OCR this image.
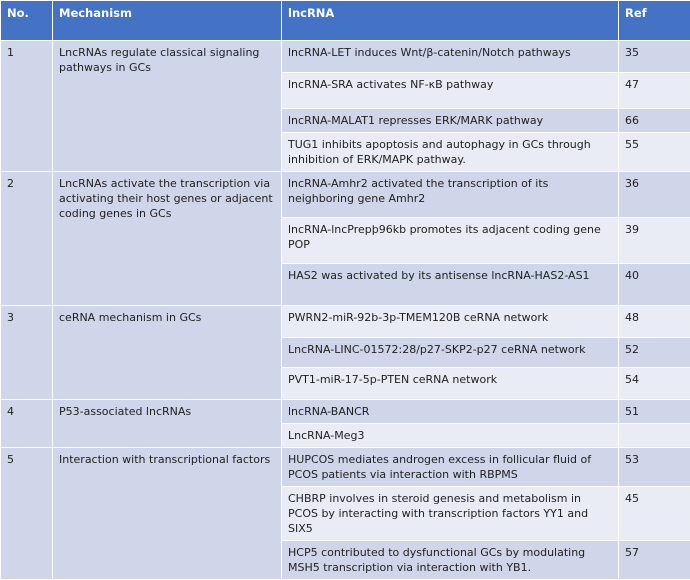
No.	Mechanism	lncRNA	Ref
1	LncRNAs regulate classical signaling pathways in GCs	lncRNA-LET induces Wnt/β-catenin/Notch pathways	35
		lncRNA-SRA activates NF-κB pathway	47
		lncRNA-MALAT1 represses ERK/MARK pathway	66
		TUG1 inhibits apoptosis and autophagy in GCs through inhibition of ERK/MAPK pathway.	55
2	LncRNAs activate the transcription via activating their host genes or adjacent coding genes in GCs	lncRNA-Amhr2 activated the transcription of its neighboring gene Amhr2	36
		lncRNA-lncPrepþ96kb promotes its adjacent coding gene POP	39
		HAS2 was activated by its antisense lncRNA-HAS2-AS1	40
3	ceRNA mechanism in GCs	PWRN2-miR-92b-3p-TMEM120B ceRNA network	48
		LncRNA-LINC-01572:28/p27-SKP2-p27 ceRNA network	52
		PVT1-miR-17-5p-PTEN ceRNA network	54
4	P53-associated lncRNAs	lncRNA-BANCR	51
		LncRNA-Meg3	
5	Interaction with transcriptional factors	HUPCOS mediates androgen excess in follicular fluid of PCOS patients via interaction with RBPMS	53
		CHBRP involves in steroid genesis and metabolism in PCOS by interacting with transcription factors YY1 and SIX5	45
		HCP5 contributed to dysfunctional GCs by modulating MSH5 transcription via interaction with YB1.	57
